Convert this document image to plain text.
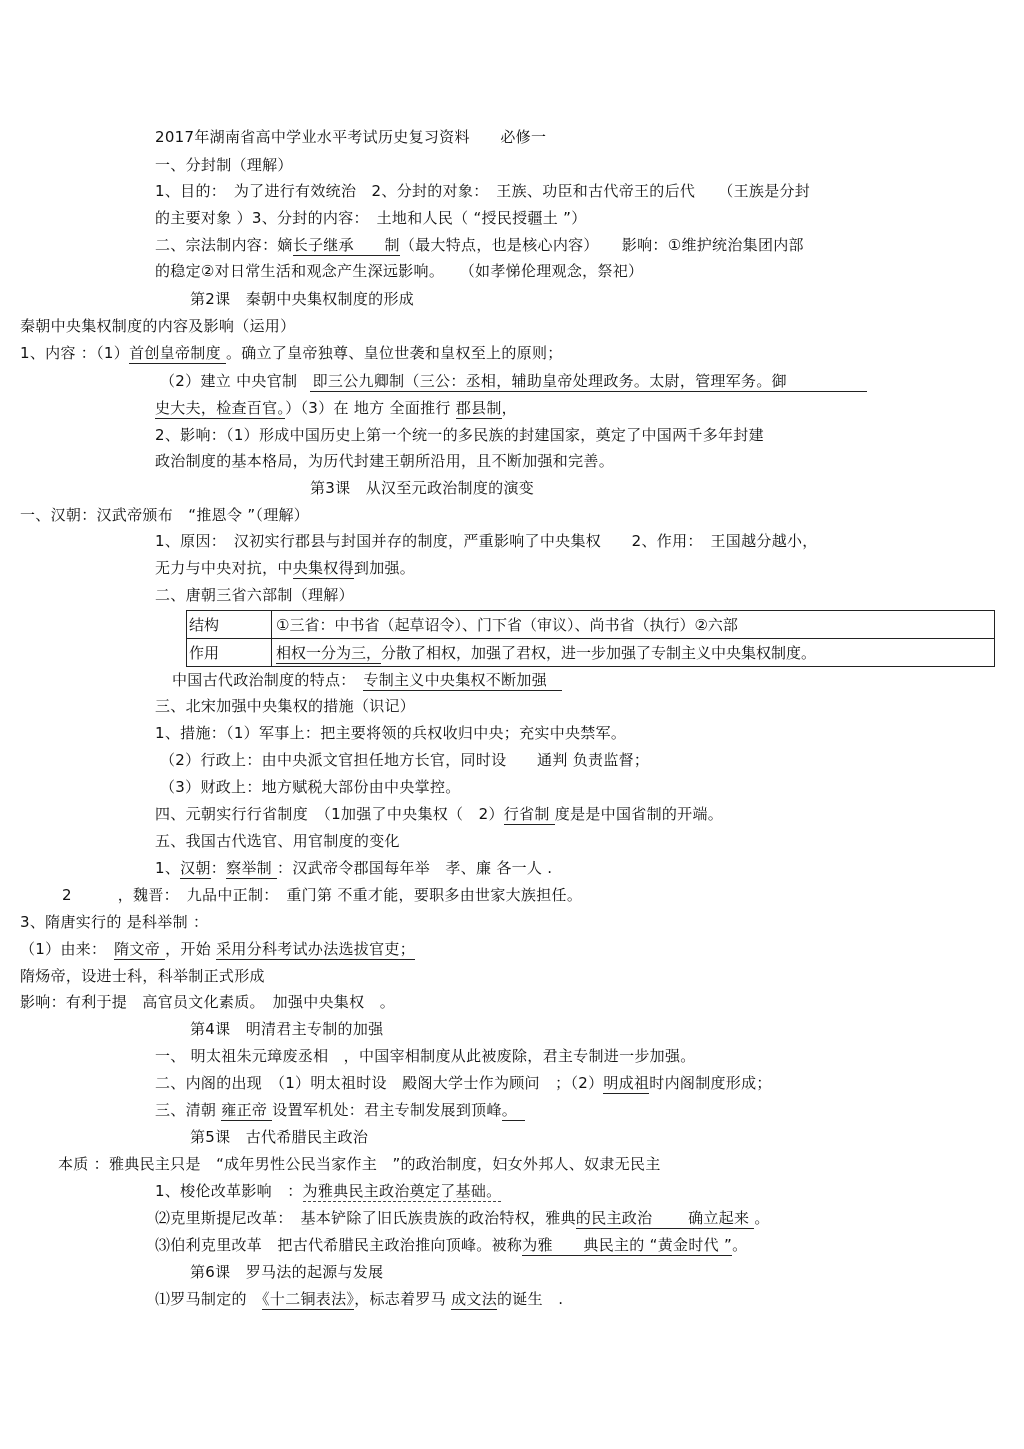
2017年湖南省高中学业水平考试历史复习资料　　必修一
一、分封制（理解）
1、目的：　为了进行有效统治　2、分封的对象：　王族、功臣和古代帝王的后代　　（王族是分封
的主要对象 ）3、分封的内容：　土地和人民（ “授民授疆土 ”）
二、宗法制内容：嫡长子继承　　制（最大特点，也是核心内容）　　影响：①维护统治集团内部
的稳定②对日常生活和观念产生深远影响。　　（如孝悌伦理观念，祭祀）
第2课　秦朝中央集权制度的形成
秦朝中央集权制度的内容及影响（运用）
1、内容 ：（1）首创皇帝制度 。确立了皇帝独尊、皇位世袭和皇权至上的原则；
（2）建立 中央官制　即三公九卿制（三公：丞相，辅助皇帝处理政务。太尉，管理军务。御
史大夫，检查百官。）（3）在 地方 全面推行 郡县制，
2、影响：（1）形成中国历史上第一个统一的多民族的封建国家，奠定了中国两千多年封建
政治制度的基本格局，为历代封建王朝所沿用，且不断加强和完善。
第3课　从汉至元政治制度的演变
一、汉朝：汉武帝颁布　“推恩令 ”（理解）
1、原因：　汉初实行郡县与封国并存的制度，严重影响了中央集权　　2、作用：　王国越分越小，
无力与中央对抗，中央集权得到加强。
二、唐朝三省六部制（理解）
结构	①三省：中书省（起草诏令）、门下省（审议）、尚书省（执行）②六部
作用	相权一分为三，分散了相权，加强了君权，进一步加强了专制主义中央集权制度。
中国古代政治制度的特点：　专制主义中央集权不断加强　
三、北宋加强中央集权的措施（识记）
1、措施：（1）军事上：把主要将领的兵权收归中央；充实中央禁军。
（2）行政上：由中央派文官担任地方长官，同时设　　通判 负责监督；
（3）财政上：地方赋税大部份由中央掌控。
四、元朝实行行省制度　（1加强了中央集权（　2）行省制 度是是中国省制的开端。
五、我国古代选官、用官制度的变化
1、汉朝：察举制 ：汉武帝令郡国每年举　孝、廉 各一人 .
2　　　，魏晋：　九品中正制：　重门第 不重才能，要职多由世家大族担任。
3、隋唐实行的 是科举制 ：
（1）由来：　隋文帝 ，开始 采用分科考试办法选拔官吏；
隋炀帝，设进士科，科举制正式形成
影响：有利于提　高官员文化素质。　加强中央集权　。
第4课　明清君主专制的加强
一、 明太祖朱元璋废丞相　，中国宰相制度从此被废除，君主专制进一步加强。
二、内阁的出现　（1）明太祖时设　殿阁大学士作为顾问　；（2）明成祖时内阁制度形成；
三、清朝 雍正帝 设置军机处：君主专制发展到顶峰。　
第5课　古代希腊民主政治
本质 ：雅典民主只是　“成年男性公民当家作主　”的政治制度，妇女外邦人、奴隶无民主
1、梭伦改革影响　：为雅典民主政治奠定了基础。
⑵克里斯提尼改革：　基本铲除了旧氏族贵族的政治特权，雅典的民主政治　　 确立起来 。
⑶伯利克里改革　把古代希腊民主政治推向顶峰。被称为雅　　典民主的 “黄金时代 ”。
第6课　罗马法的起源与发展
⑴罗马制定的　《十二铜表法》，标志着罗马 成文法的诞生　.
